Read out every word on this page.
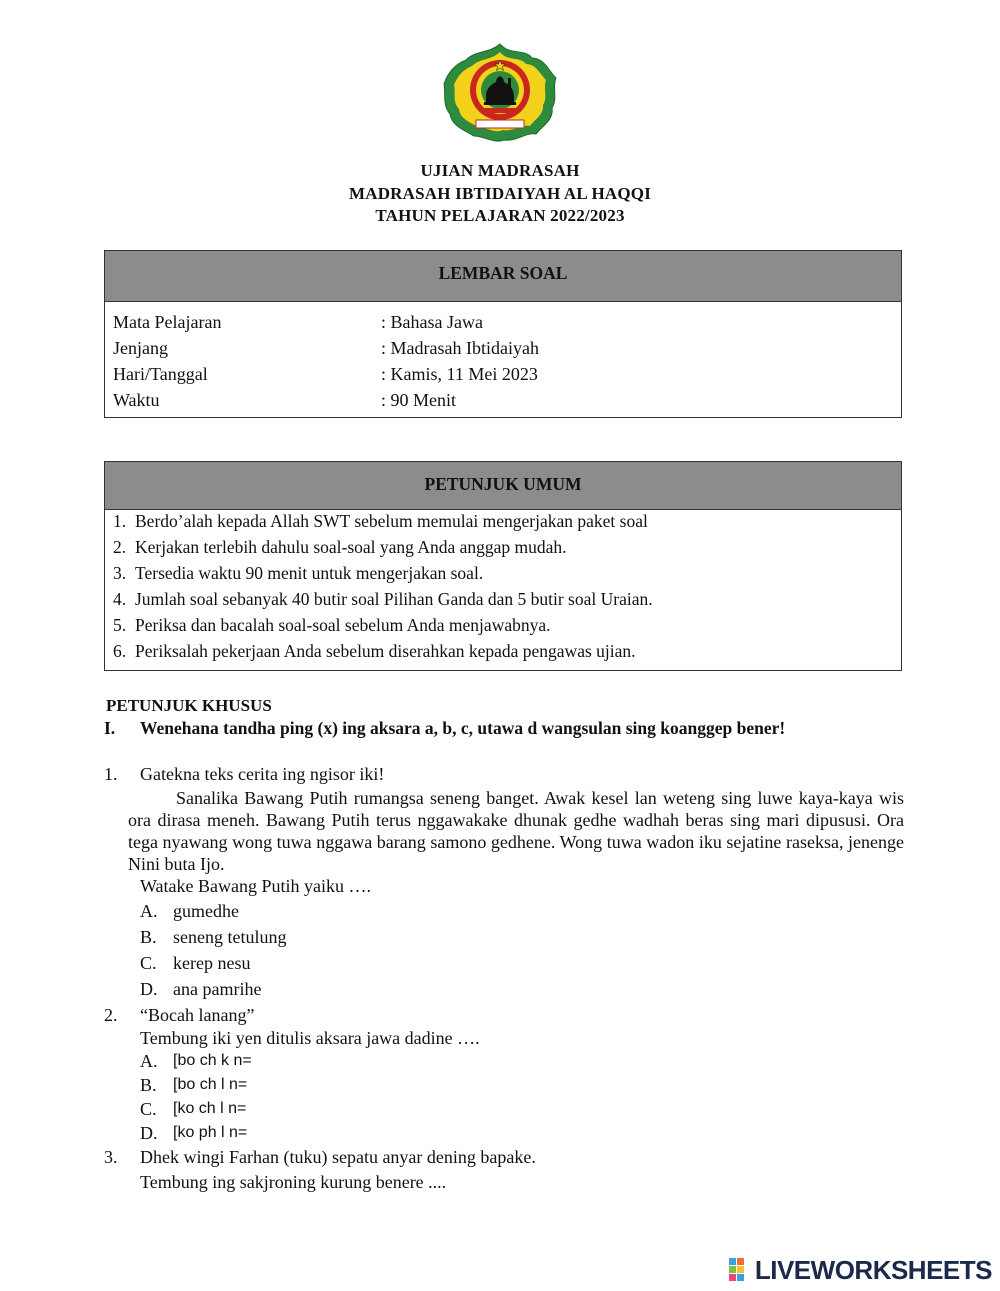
UJIAN MADRASAH
MADRASAH IBTIDAIYAH AL HAQQI
TAHUN PELAJARAN 2022/2023
LEMBAR SOAL
Mata Pelajaran	: Bahasa Jawa
Jenjang	: Madrasah Ibtidaiyah
Hari/Tanggal	: Kamis, 11 Mei 2023
Waktu	: 90 Menit
PETUNJUK UMUM
1. Berdo’alah kepada Allah SWT sebelum memulai mengerjakan paket soal
2. Kerjakan terlebih dahulu soal-soal yang Anda anggap mudah.
3. Tersedia waktu 90 menit untuk mengerjakan soal.
4. Jumlah soal sebanyak 40 butir soal Pilihan Ganda dan 5 butir soal Uraian.
5. Periksa dan bacalah soal-soal sebelum Anda menjawabnya.
6. Periksalah pekerjaan Anda sebelum diserahkan kepada pengawas ujian.
PETUNJUK KHUSUS
I. Wenehana tandha ping (x) ing aksara a, b, c, utawa d wangsulan sing koanggep bener!
1. Gatekna teks cerita ing ngisor iki!
Sanalika Bawang Putih rumangsa seneng banget. Awak kesel lan weteng sing luwe kaya-kaya wis ora dirasa meneh. Bawang Putih terus nggawakake dhunak gedhe wadhah beras sing mari dipususi. Ora tega nyawang wong tuwa nggawa barang samono gedhene. Wong tuwa wadon iku sejatine raseksa, jenenge Nini buta Ijo.
Watake Bawang Putih yaiku ….
A. gumedhe
B. seneng tetulung
C. kerep nesu
D. ana pamrihe
2. “Bocah lanang”
Tembung iki yen ditulis aksara jawa dadine ….
A. [bo ch k n=
B. [bo ch l n=
C. [ko ch l n=
D. [ko ph l n=
3. Dhek wingi Farhan (tuku) sepatu anyar dening bapake.
Tembung ing sakjroning kurung benere ....
LIVEWORKSHEETS
